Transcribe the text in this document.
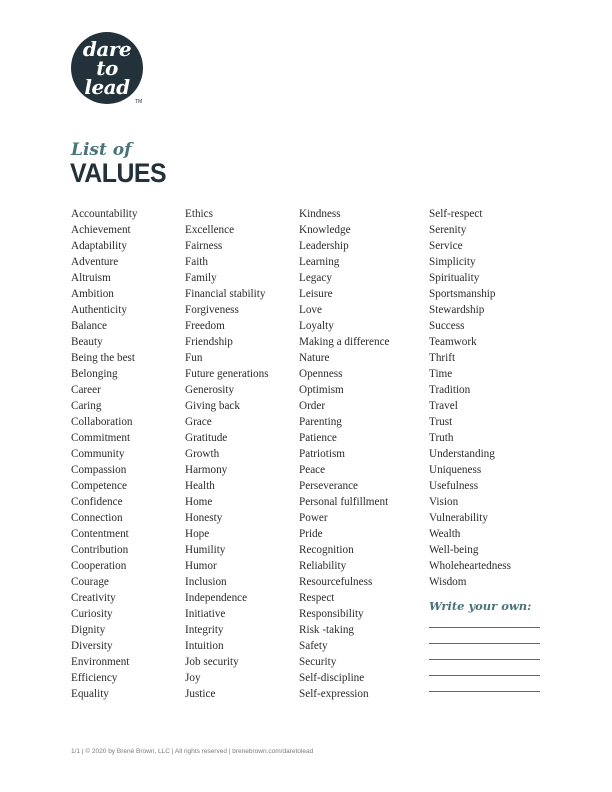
dare
to
lead
TM
List of
VALUES
Accountability
Achievement
Adaptability
Adventure
Altruism
Ambition
Authenticity
Balance
Beauty
Being the best
Belonging
Career
Caring
Collaboration
Commitment
Community
Compassion
Competence
Confidence
Connection
Contentment
Contribution
Cooperation
Courage
Creativity
Curiosity
Dignity
Diversity
Environment
Efficiency
Equality
Ethics
Excellence
Fairness
Faith
Family
Financial stability
Forgiveness
Freedom
Friendship
Fun
Future generations
Generosity
Giving back
Grace
Gratitude
Growth
Harmony
Health
Home
Honesty
Hope
Humility
Humor
Inclusion
Independence
Initiative
Integrity
Intuition
Job security
Joy
Justice
Kindness
Knowledge
Leadership
Learning
Legacy
Leisure
Love
Loyalty
Making a difference
Nature
Openness
Optimism
Order
Parenting
Patience
Patriotism
Peace
Perseverance
Personal fulfillment
Power
Pride
Recognition
Reliability
Resourcefulness
Respect
Responsibility
Risk -taking
Safety
Security
Self-discipline
Self-expression
Self-respect
Serenity
Service
Simplicity
Spirituality
Sportsmanship
Stewardship
Success
Teamwork
Thrift
Time
Tradition
Travel
Trust
Truth
Understanding
Uniqueness
Usefulness
Vision
Vulnerability
Wealth
Well-being
Wholeheartedness
Wisdom
Write your own:
1/1 | © 2020 by Brené Brown, LLC | All rights reserved | brenebrown.com/daretolead
